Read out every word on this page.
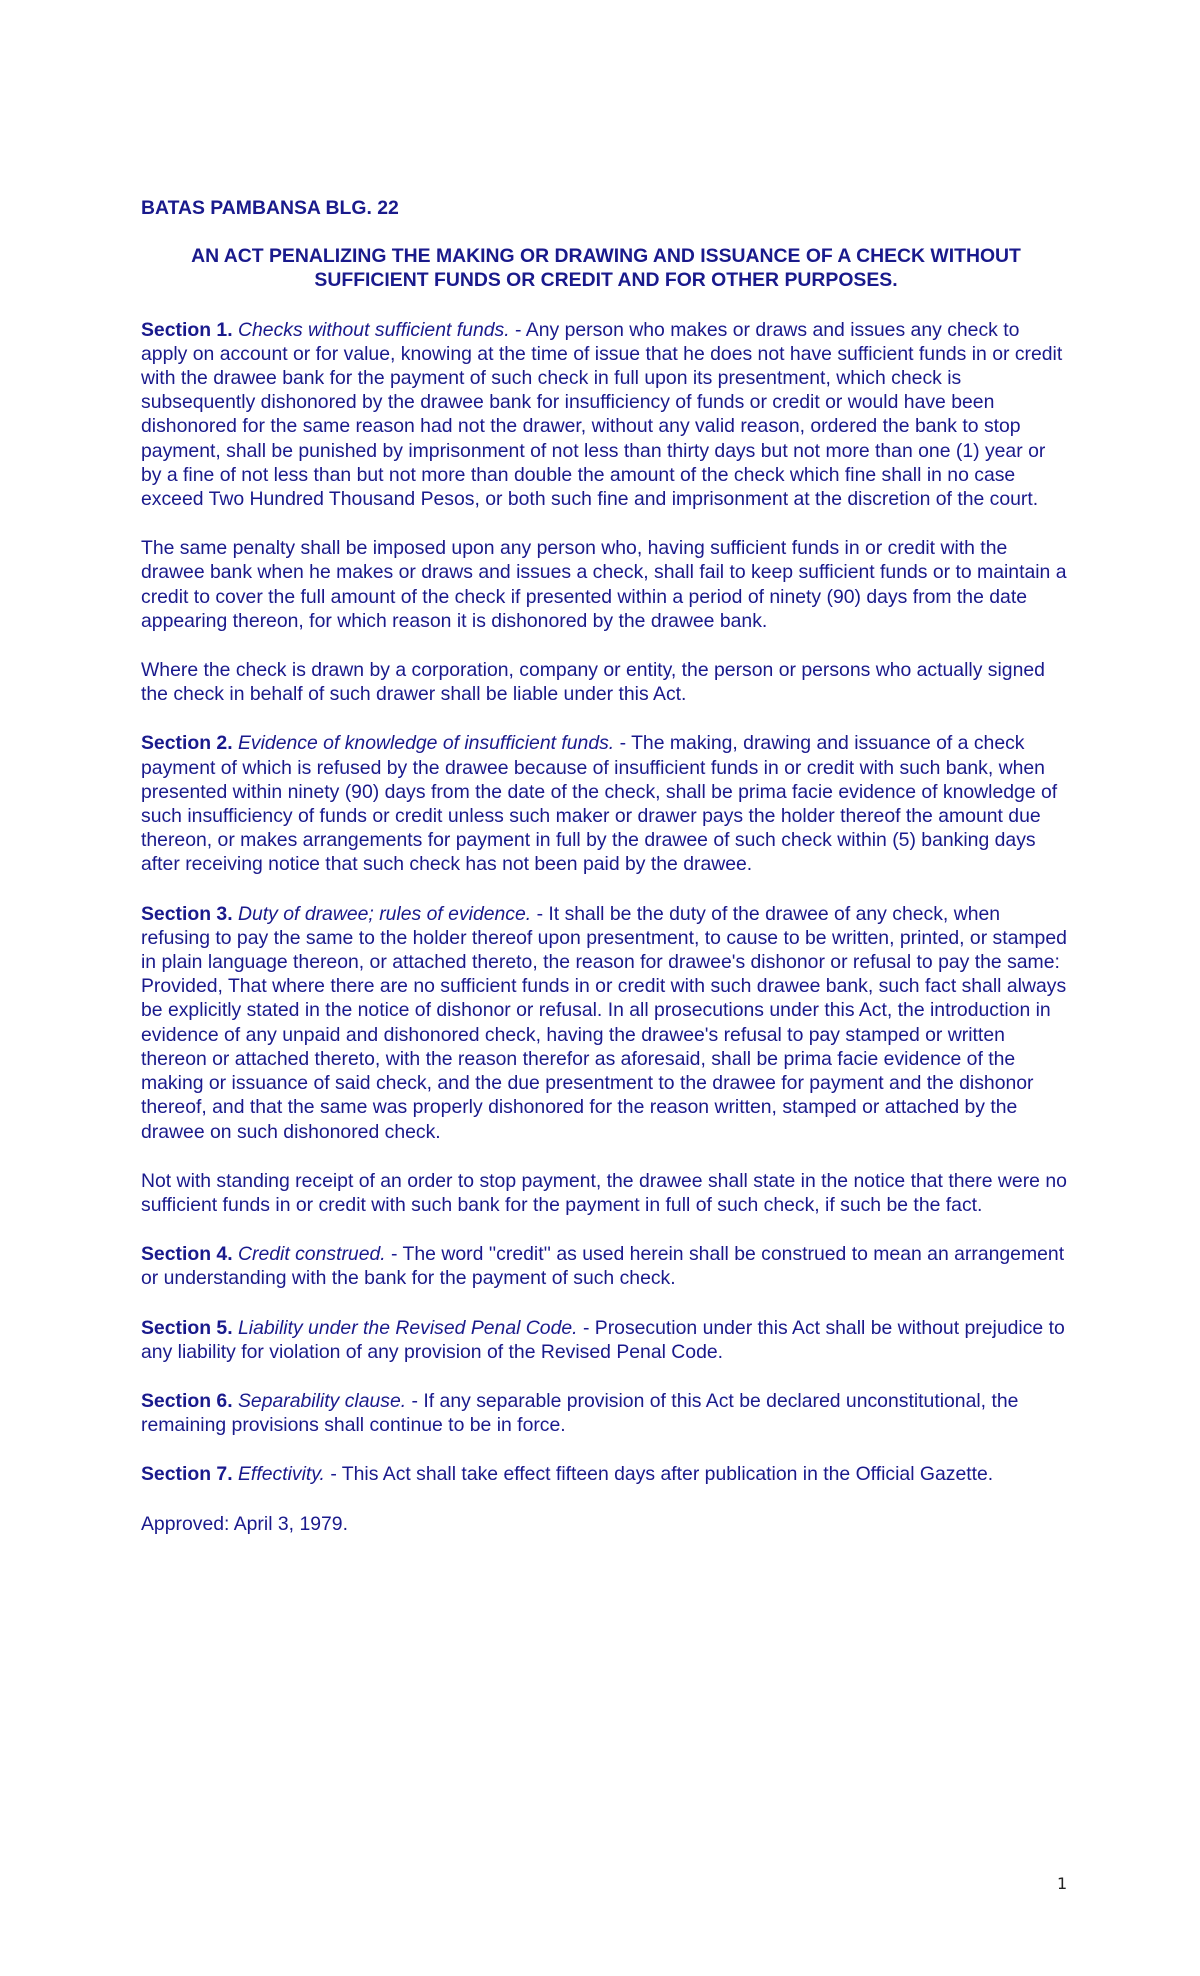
BATAS PAMBANSA BLG. 22

AN ACT PENALIZING THE MAKING OR DRAWING AND ISSUANCE OF A CHECK WITHOUT SUFFICIENT FUNDS OR CREDIT AND FOR OTHER PURPOSES.

Section 1. Checks without sufficient funds. - Any person who makes or draws and issues any check to apply on account or for value, knowing at the time of issue that he does not have sufficient funds in or credit with the drawee bank for the payment of such check in full upon its presentment, which check is subsequently dishonored by the drawee bank for insufficiency of funds or credit or would have been dishonored for the same reason had not the drawer, without any valid reason, ordered the bank to stop payment, shall be punished by imprisonment of not less than thirty days but not more than one (1) year or by a fine of not less than but not more than double the amount of the check which fine shall in no case exceed Two Hundred Thousand Pesos, or both such fine and imprisonment at the discretion of the court.

The same penalty shall be imposed upon any person who, having sufficient funds in or credit with the drawee bank when he makes or draws and issues a check, shall fail to keep sufficient funds or to maintain a credit to cover the full amount of the check if presented within a period of ninety (90) days from the date appearing thereon, for which reason it is dishonored by the drawee bank.

Where the check is drawn by a corporation, company or entity, the person or persons who actually signed the check in behalf of such drawer shall be liable under this Act.

Section 2. Evidence of knowledge of insufficient funds. - The making, drawing and issuance of a check payment of which is refused by the drawee because of insufficient funds in or credit with such bank, when presented within ninety (90) days from the date of the check, shall be prima facie evidence of knowledge of such insufficiency of funds or credit unless such maker or drawer pays the holder thereof the amount due thereon, or makes arrangements for payment in full by the drawee of such check within (5) banking days after receiving notice that such check has not been paid by the drawee.

Section 3. Duty of drawee; rules of evidence. - It shall be the duty of the drawee of any check, when refusing to pay the same to the holder thereof upon presentment, to cause to be written, printed, or stamped in plain language thereon, or attached thereto, the reason for drawee's dishonor or refusal to pay the same: Provided, That where there are no sufficient funds in or credit with such drawee bank, such fact shall always be explicitly stated in the notice of dishonor or refusal. In all prosecutions under this Act, the introduction in evidence of any unpaid and dishonored check, having the drawee's refusal to pay stamped or written thereon or attached thereto, with the reason therefor as aforesaid, shall be prima facie evidence of the making or issuance of said check, and the due presentment to the drawee for payment and the dishonor thereof, and that the same was properly dishonored for the reason written, stamped or attached by the drawee on such dishonored check.

Not with standing receipt of an order to stop payment, the drawee shall state in the notice that there were no sufficient funds in or credit with such bank for the payment in full of such check, if such be the fact.

Section 4. Credit construed. - The word ''credit'' as used herein shall be construed to mean an arrangement or understanding with the bank for the payment of such check.

Section 5. Liability under the Revised Penal Code. - Prosecution under this Act shall be without prejudice to any liability for violation of any provision of the Revised Penal Code.

Section 6. Separability clause. - If any separable provision of this Act be declared unconstitutional, the remaining provisions shall continue to be in force.

Section 7. Effectivity. - This Act shall take effect fifteen days after publication in the Official Gazette.

Approved: April 3, 1979.

1
